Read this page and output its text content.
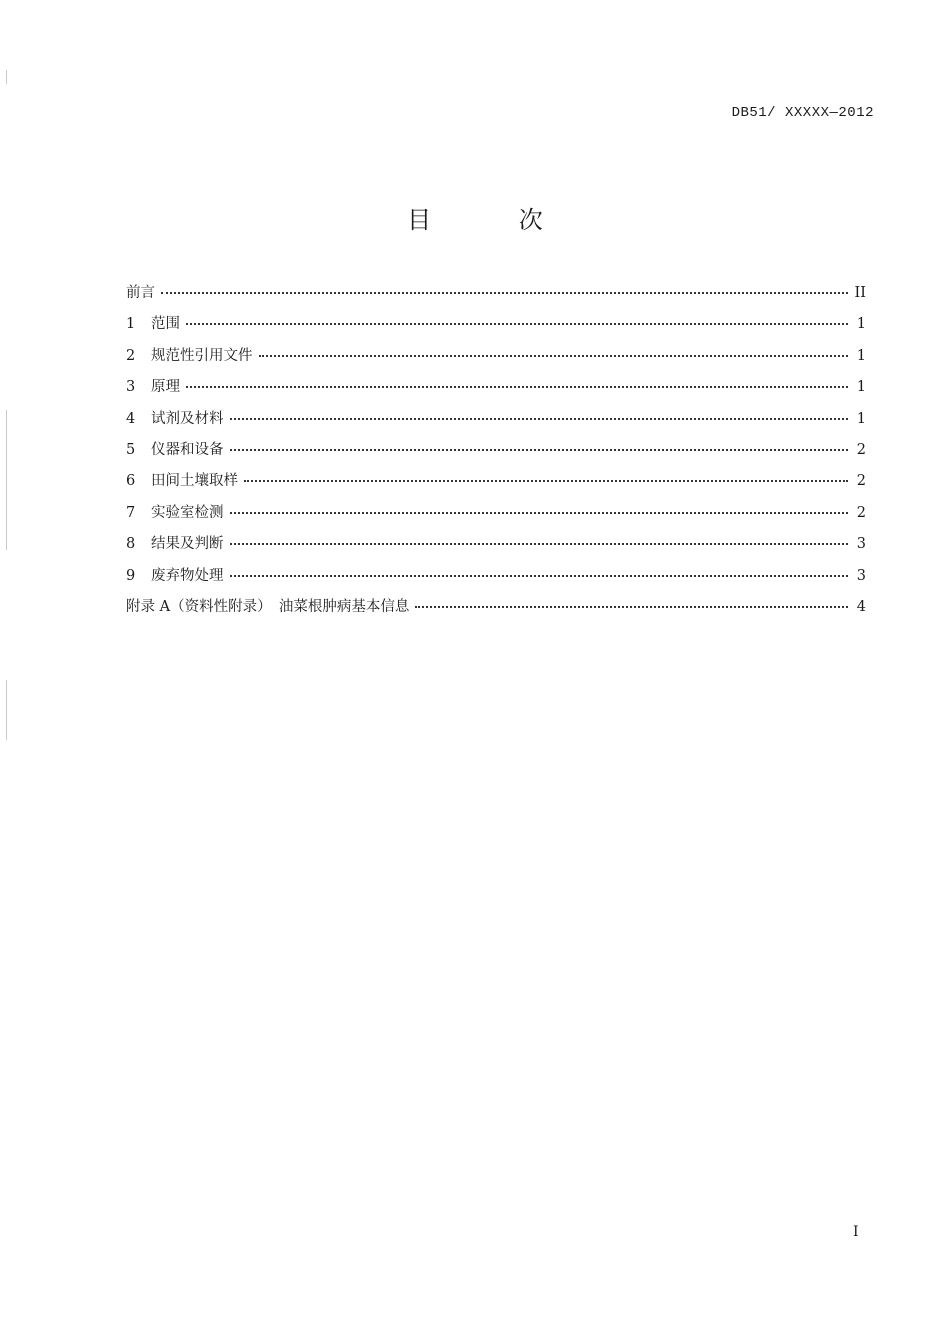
DB51/ XXXXX—2012
目 次
前言	II
1	范围	1
2	规范性引用文件	1
3	原理	1
4	试剂及材料	1
5	仪器和设备	2
6	田间土壤取样	2
7	实验室检测	2
8	结果及判断	3
9	废弃物处理	3
附录 A（资料性附录）　油菜根肿病基本信息	4
I
